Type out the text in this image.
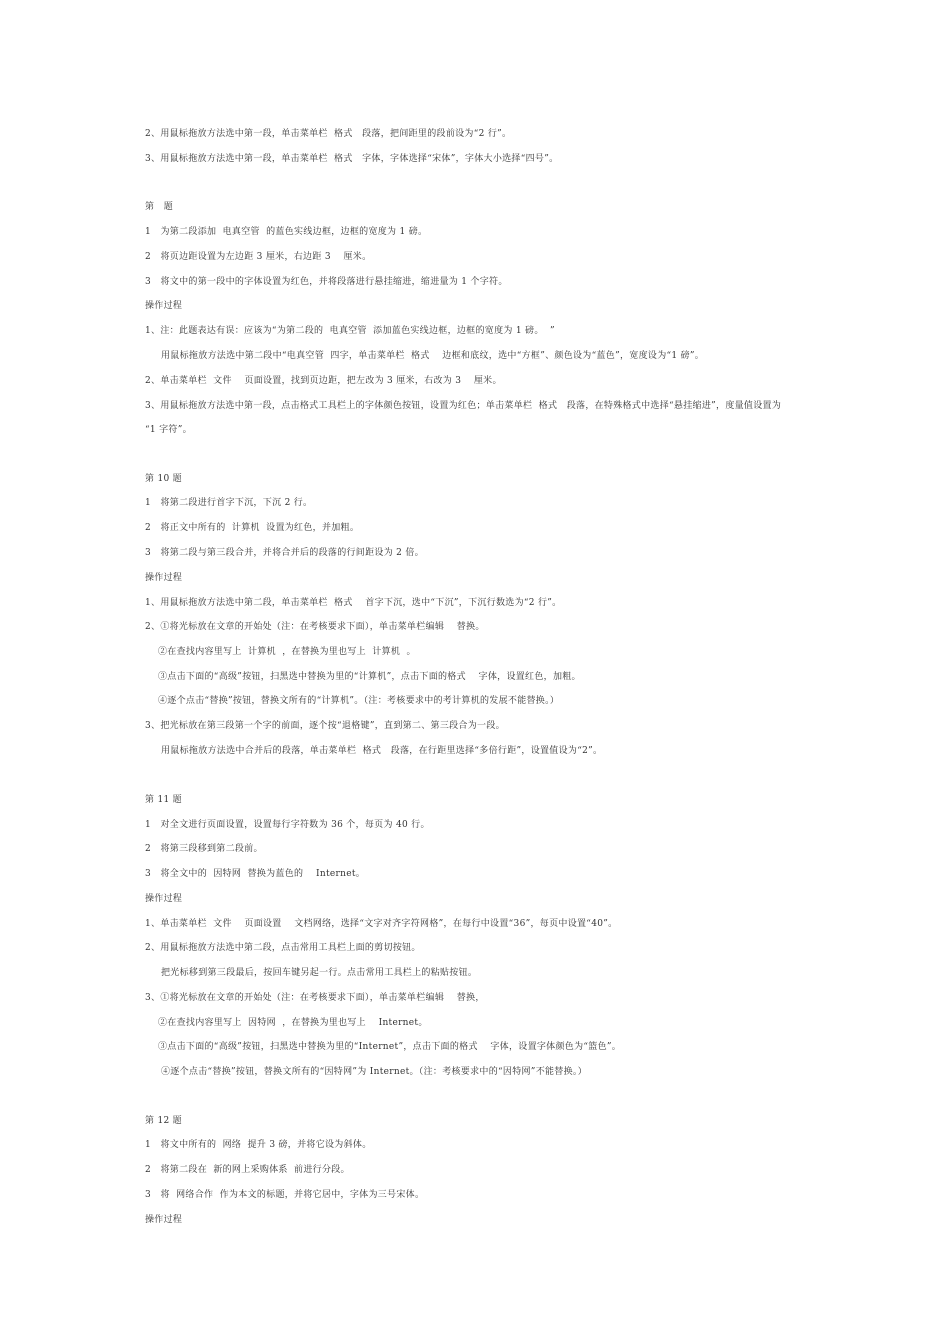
2、用鼠标拖放方法选中第一段，单击菜单栏  格式   段落，把间距里的段前设为“2 行”。
3、用鼠标拖放方法选中第一段，单击菜单栏  格式   字体，字体选择“宋体”，字体大小选择“四号”。
第   题
1   为第二段添加  电真空管  的蓝色实线边框，边框的宽度为 1 磅。
2   将页边距设置为左边距 3 厘米，右边距 3    厘米。
3   将文中的第一段中的字体设置为红色，并将段落进行悬挂缩进，缩进量为 1 个字符。
操作过程
1、注：此题表达有误：应该为“为第二段的  电真空管  添加蓝色实线边框，边框的宽度为 1 磅。  ”
用鼠标拖放方法选中第二段中“电真空管  四字，单击菜单栏  格式    边框和底纹，选中“方框”、颜色设为“蓝色”，宽度设为“1 磅”。
2、单击菜单栏  文件    页面设置，找到页边距，把左改为 3 厘米，右改为 3    厘米。
3、用鼠标拖放方法选中第一段，点击格式工具栏上的字体颜色按钮，设置为红色；单击菜单栏  格式   段落，在特殊格式中选择“悬挂缩进”，度量值设置为
“1 字符”。
第 10 题
1   将第二段进行首字下沉，下沉 2 行。
2   将正文中所有的  计算机  设置为红色，并加粗。
3   将第二段与第三段合并，并将合并后的段落的行间距设为 2 倍。
操作过程
1、用鼠标拖放方法选中第二段，单击菜单栏  格式    首字下沉，选中“下沉”，下沉行数选为“2 行”。
2、①将光标放在文章的开始处（注：在考核要求下面），单击菜单栏编辑    替换。
②在查找内容里写上  计算机  ，在替换为里也写上  计算机  。
③点击下面的“高级”按钮，扫黑选中替换为里的“计算机”，点击下面的格式    字体，设置红色，加粗。
④逐个点击“替换”按钮，替换文所有的“计算机”。（注：考核要求中的考计算机的发展不能替换。）
3、把光标放在第三段第一个字的前面，逐个按“退格键”，直到第二、第三段合为一段。
用鼠标拖放方法选中合并后的段落，单击菜单栏  格式   段落，在行距里选择“多倍行距”，设置值设为“2”。
第 11 题
1   对全文进行页面设置，设置每行字符数为 36 个，每页为 40 行。
2   将第三段移到第二段前。
3   将全文中的  因特网  替换为蓝色的    Internet。
操作过程
1、单击菜单栏  文件    页面设置    文档网络，选择“文字对齐字符网格”，在每行中设置“36”，每页中设置“40”。
2、用鼠标拖放方法选中第二段，点击常用工具栏上面的剪切按钮。
把光标移到第三段最后，按回车键另起一行。点击常用工具栏上的粘贴按钮。
3、①将光标放在文章的开始处（注：在考核要求下面），单击菜单栏编辑    替换，
②在查找内容里写上  因特网  ，在替换为里也写上    Internet。
③点击下面的“高级”按钮，扫黑选中替换为里的“Internet”，点击下面的格式    字体，设置字体颜色为“篮色”。
④逐个点击“替换”按钮，替换文所有的“因特网”为 Internet。（注：考核要求中的“因特网”不能替换。）
第 12 题
1   将文中所有的  网络  提升 3 磅，并将它设为斜体。
2   将第二段在  新的网上采购体系  前进行分段。
3   将  网络合作  作为本文的标题，并将它居中，字体为三号宋体。
操作过程
